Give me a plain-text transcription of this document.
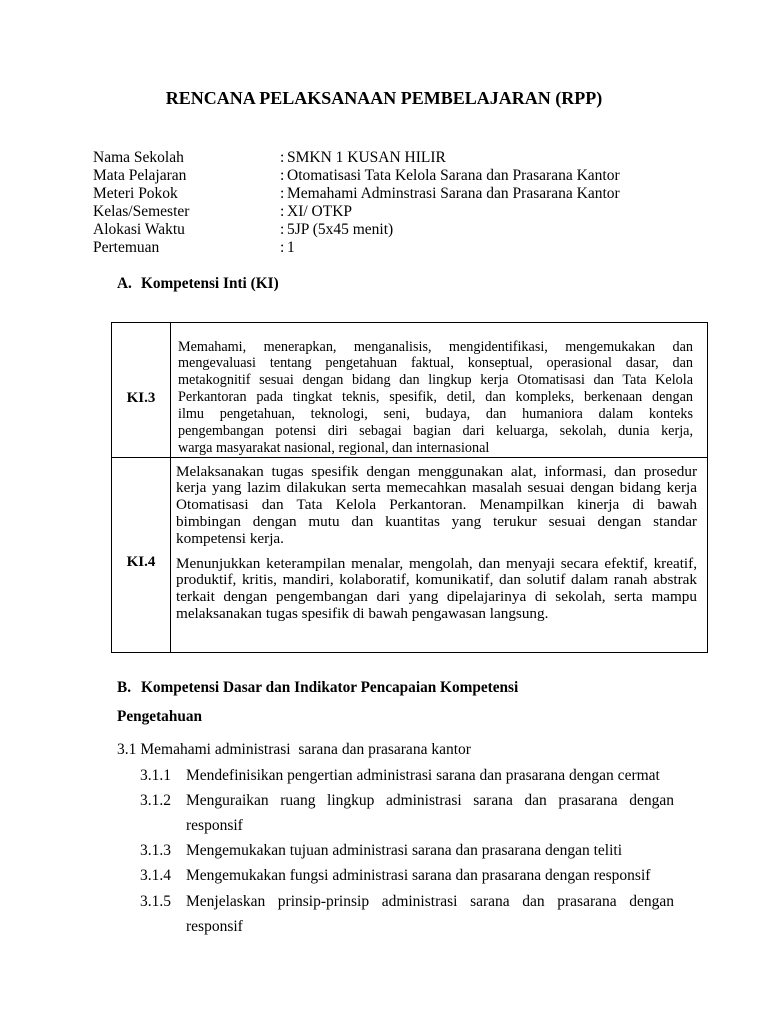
RENCANA PELAKSANAAN PEMBELAJARAN (RPP)
Nama Sekolah	: SMKN 1 KUSAN HILIR
Mata Pelajaran	: Otomatisasi Tata Kelola Sarana dan Prasarana Kantor
Meteri Pokok	: Memahami Adminstrasi Sarana dan Prasarana Kantor
Kelas/Semester	: XI/ OTKP
Alokasi Waktu	: 5JP (5x45 menit)
Pertemuan	: 1
A. Kompetensi Inti (KI)
KI.3
Memahami, menerapkan, menganalisis, mengidentifikasi, mengemukakan dan
mengevaluasi tentang pengetahuan faktual, konseptual, operasional dasar, dan
metakognitif sesuai dengan bidang dan lingkup kerja Otomatisasi dan Tata Kelola
Perkantoran pada tingkat teknis, spesifik, detil, dan kompleks, berkenaan dengan
ilmu pengetahuan, teknologi, seni, budaya, dan humaniora dalam konteks
pengembangan potensi diri sebagai bagian dari keluarga, sekolah, dunia kerja,
warga masyarakat nasional, regional, dan internasional
KI.4
Melaksanakan tugas spesifik dengan menggunakan alat, informasi, dan prosedur
kerja yang lazim dilakukan serta memecahkan masalah sesuai dengan bidang kerja
Otomatisasi dan Tata Kelola Perkantoran. Menampilkan kinerja di bawah
bimbingan dengan mutu dan kuantitas yang terukur sesuai dengan standar
kompetensi kerja.
Menunjukkan keterampilan menalar, mengolah, dan menyaji secara efektif, kreatif,
produktif, kritis, mandiri, kolaboratif, komunikatif, dan solutif dalam ranah abstrak
terkait dengan pengembangan dari yang dipelajarinya di sekolah, serta mampu
melaksanakan tugas spesifik di bawah pengawasan langsung.
B. Kompetensi Dasar dan Indikator Pencapaian Kompetensi
Pengetahuan
3.1 Memahami administrasi  sarana dan prasarana kantor
3.1.1 Mendefinisikan pengertian administrasi sarana dan prasarana dengan cermat
3.1.2 Menguraikan ruang lingkup administrasi sarana dan prasarana dengan
responsif
3.1.3 Mengemukakan tujuan administrasi sarana dan prasarana dengan teliti
3.1.4 Mengemukakan fungsi administrasi sarana dan prasarana dengan responsif
3.1.5 Menjelaskan prinsip-prinsip administrasi sarana dan prasarana dengan
responsif
